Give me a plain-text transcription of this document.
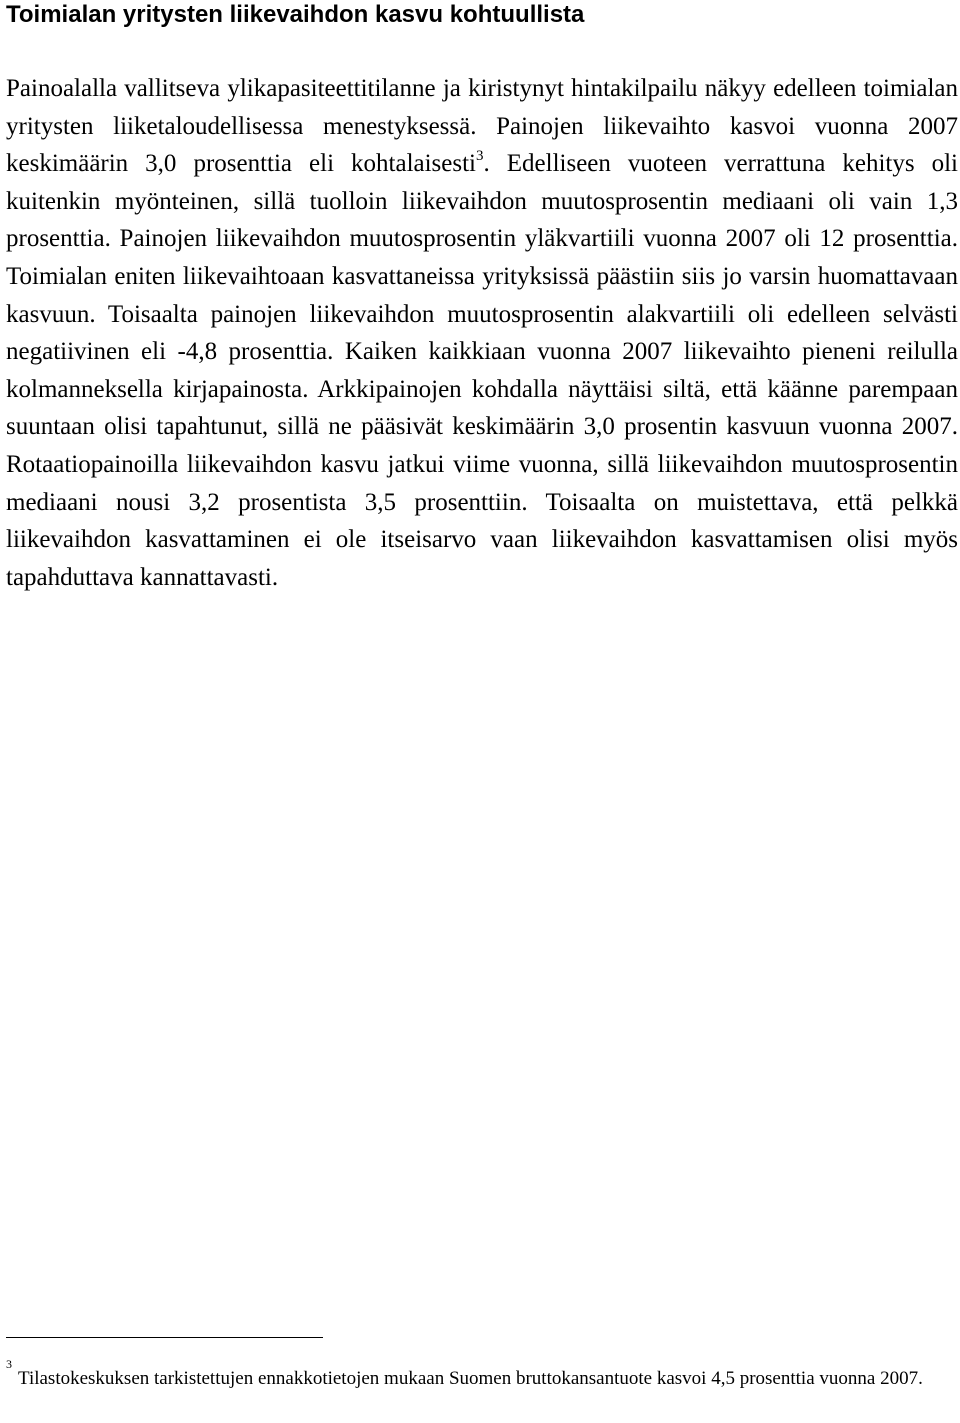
Toimialan yritysten liikevaihdon kasvu kohtuullista

Painoalalla vallitseva ylikapasiteettitilanne ja kiristynyt hintakilpailu näkyy edelleen toimialan yritysten liiketaloudellisessa menestyksessä. Painojen liikevaihto kasvoi vuonna 2007 keskimäärin 3,0 prosenttia eli kohtalaisesti$^3$. Edelliseen vuoteen verrattuna kehitys oli kuitenkin myönteinen, sillä tuolloin liikevaihdon muutosprosentin mediaani oli vain 1,3 prosenttia. Painojen liikevaihdon muutosprosentin yläkvartiili vuonna 2007 oli 12 prosenttia. Toimialan eniten liikevaihtoaan kasvattaneissa yrityksissä päästiin siis jo varsin huomattavaan kasvuun. Toisaalta painojen liikevaihdon muutosprosentin alakvartiili oli edelleen selvästi negatiivinen eli -4,8 prosenttia. Kaiken kaikkiaan vuonna 2007 liikevaihto pieneni reilulla kolmanneksella kirjapainosta. Arkkipainojen kohdalla näyttäisi siltä, että käänne parempaan suuntaan olisi tapahtunut, sillä ne pääsivät keskimäärin 3,0 prosentin kasvuun vuonna 2007. Rotaatiopainoilla liikevaihdon kasvu jatkui viime vuonna, sillä liikevaihdon muutosprosentin mediaani nousi 3,2 prosentista 3,5 prosenttiin. Toisaalta on muistettava, että pelkkä liikevaihdon kasvattaminen ei ole itseisarvo vaan liikevaihdon kasvattamisen olisi myös tapahduttava kannattavasti.

$^3$Tilastokeskuksen tarkistettujen ennakkotietojen mukaan Suomen bruttokansantuote kasvoi 4,5 prosenttia vuonna 2007.
